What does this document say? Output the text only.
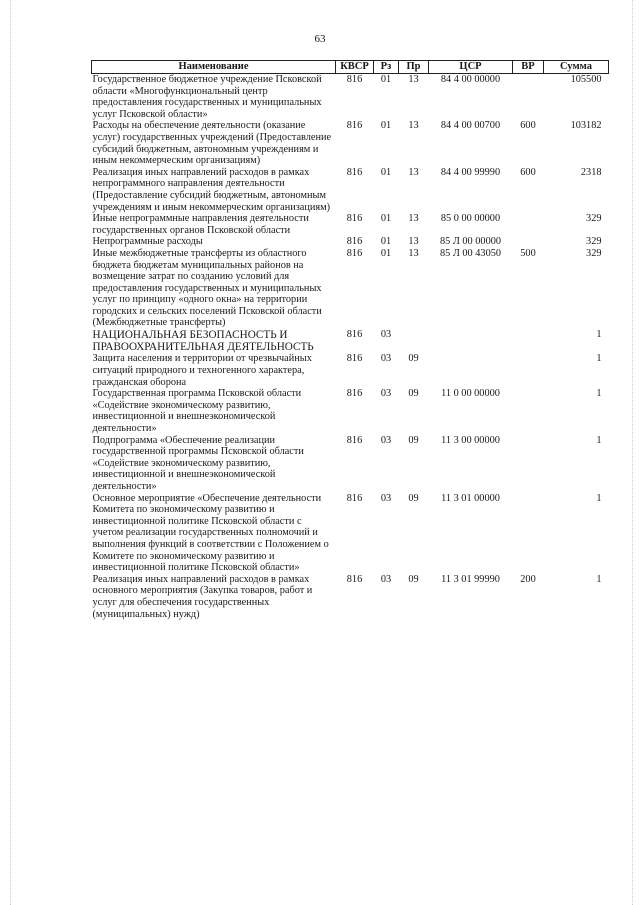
63
Наименование	КВСР	Рз	Пр	ЦСР	ВР	Сумма
Государственное бюджетное учреждение Псковской области «Многофункциональный центр предоставления государственных и муниципальных услуг Псковской области»	816	01	13	84 4 00 00000		105500
Расходы на обеспечение деятельности (оказание услуг) государственных учреждений (Предоставление субсидий бюджетным, автономным учреждениям и иным некоммерческим организациям)	816	01	13	84 4 00 00700	600	103182
Реализация иных направлений расходов в рамках непрограммного направления деятельности (Предоставление субсидий бюджетным, автономным учреждениям и иным некоммерческим организациям)	816	01	13	84 4 00 99990	600	2318
Иные непрограммные направления деятельности государственных органов Псковской области	816	01	13	85 0 00 00000		329
Непрограммные расходы	816	01	13	85 Л 00 00000		329
Иные межбюджетные трансферты из областного бюджета бюджетам муниципальных районов на возмещение затрат по созданию условий для предоставления государственных и муниципальных услуг по принципу «одного окна» на территории городских и сельских поселений Псковской области (Межбюджетные трансферты)	816	01	13	85 Л 00 43050	500	329
НАЦИОНАЛЬНАЯ БЕЗОПАСНОСТЬ И ПРАВООХРАНИТЕЛЬНАЯ ДЕЯТЕЛЬНОСТЬ	816	03				1
Защита населения и территории от чрезвычайных ситуаций природного и техногенного характера, гражданская оборона	816	03	09			1
Государственная программа Псковской области «Содействие экономическому развитию, инвестиционной и внешнеэкономической деятельности»	816	03	09	11 0 00 00000		1
Подпрограмма «Обеспечение реализации государственной программы Псковской области «Содействие экономическому развитию, инвестиционной и внешнеэкономической деятельности»	816	03	09	11 3 00 00000		1
Основное мероприятие «Обеспечение деятельности Комитета по экономическому развитию и инвестиционной политике Псковской области с учетом реализации государственных полномочий и выполнения функций в соответствии с Положением о Комитете по экономическому развитию и инвестиционной политике Псковской области»	816	03	09	11 3 01 00000		1
Реализация иных направлений расходов в рамках основного мероприятия (Закупка товаров, работ и услуг для обеспечения государственных (муниципальных) нужд)	816	03	09	11 3 01 99990	200	1
